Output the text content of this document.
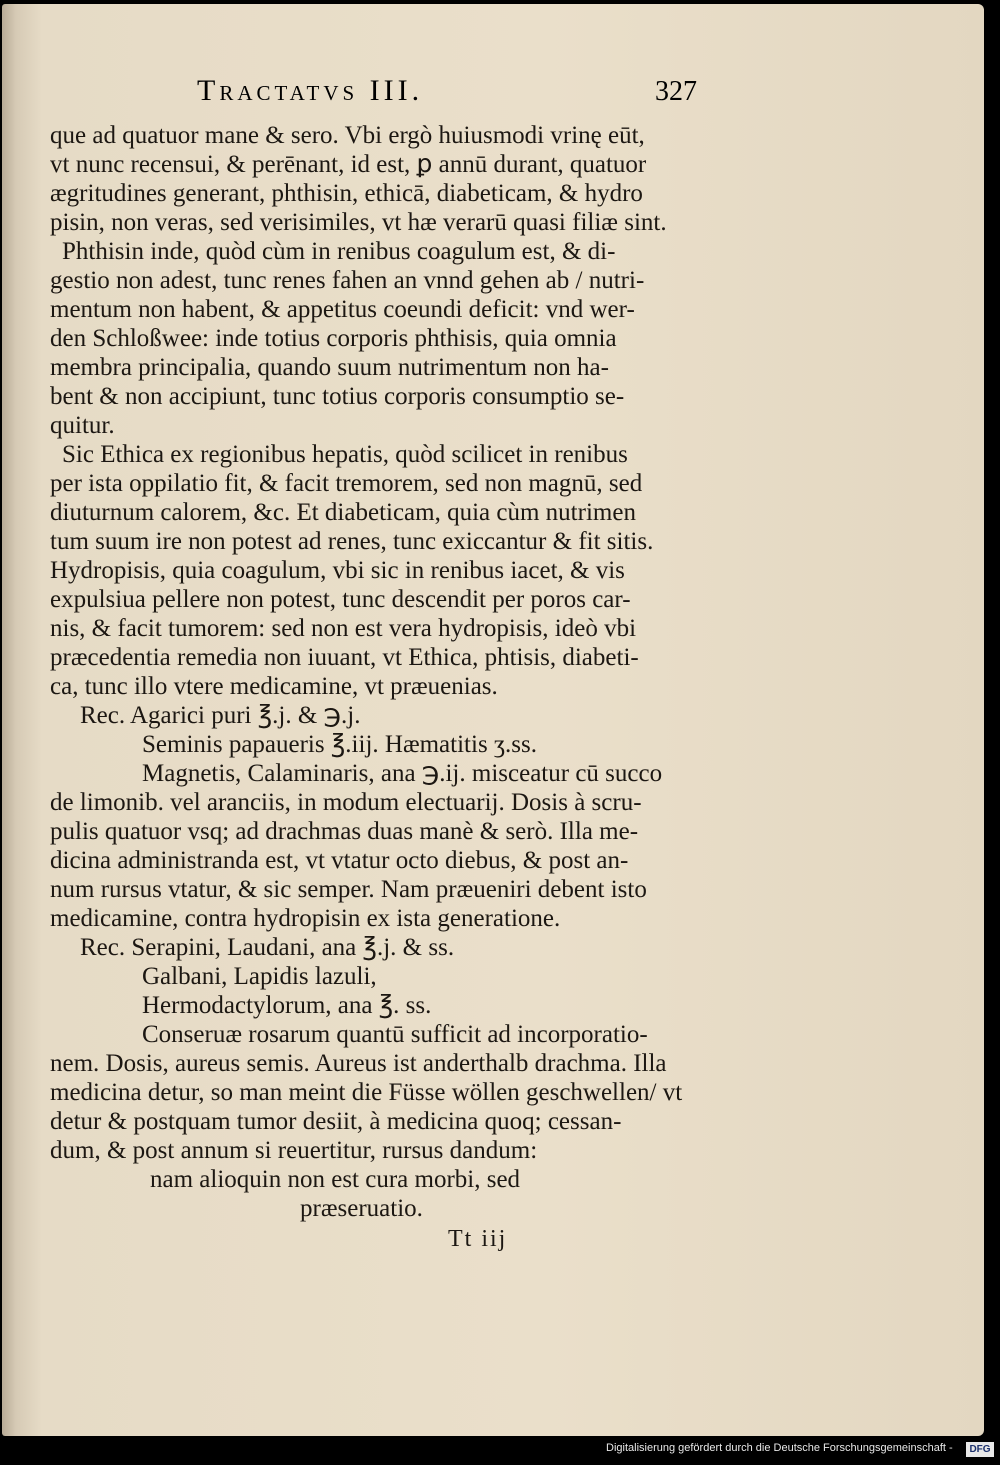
Tractatvs III.	327
que ad quatuor mane & sero. Vbi ergò huiusmodi vrinę eūt,
vt nunc recensui, & perēnant, id est, ꝑ annū durant, quatuor
ægritudines generant, phthisin, ethicā, diabeticam, & hydro
pisin, non veras, sed verisimiles, vt hæ verarū quasi filiæ sint.
Phthisin inde, quòd cùm in renibus coagulum est, & di-
gestio non adest, tunc renes fahen an vnnd gehen ab / nutri-
mentum non habent, & appetitus coeundi deficit: vnd wer-
den Schloßwee: inde totius corporis phthisis, quia omnia
membra principalia, quando suum nutrimentum non ha-
bent & non accipiunt, tunc totius corporis consumptio se-
quitur.
Sic Ethica ex regionibus hepatis, quòd scilicet in renibus
per ista oppilatio fit, & facit tremorem, sed non magnū, sed
diuturnum calorem, &c. Et diabeticam, quia cùm nutrimen
tum suum ire non potest ad renes, tunc exiccantur & fit sitis.
Hydropisis, quia coagulum, vbi sic in renibus iacet, & vis
expulsiua pellere non potest, tunc descendit per poros car-
nis, & facit tumorem: sed non est vera hydropisis, ideò vbi
præcedentia remedia non iuuant, vt Ethica, phtisis, diabeti-
ca, tunc illo vtere medicamine, vt præuenias.
Rec. Agarici puri ℥.j. & ℈.j.
Seminis papaueris ℥.iij. Hæmatitis ʒ.ss.
Magnetis, Calaminaris, ana ℈.ij. misceatur cū succo
de limonib. vel aranciis, in modum electuarij. Dosis à scru-
pulis quatuor vsq; ad drachmas duas manè & serò. Illa me-
dicina administranda est, vt vtatur octo diebus, & post an-
num rursus vtatur, & sic semper. Nam præueniri debent isto
medicamine, contra hydropisin ex ista generatione.
Rec. Serapini, Laudani, ana ℥.j. & ss.
Galbani, Lapidis lazuli,
Hermodactylorum, ana ℥. ss.
Conseruæ rosarum quantū sufficit ad incorporatio-
nem. Dosis, aureus semis. Aureus ist anderthalb drachma. Illa
medicina detur, so man meint die Füsse wöllen geschwellen/ vt
detur & postquam tumor desiit, à medicina quoq; cessan-
dum, & post annum si reuertitur, rursus dandum:
nam alioquin non est cura morbi, sed
præseruatio.
Tt iij
Digitalisierung gefördert durch die Deutsche Forschungsgemeinschaft -	DFG
